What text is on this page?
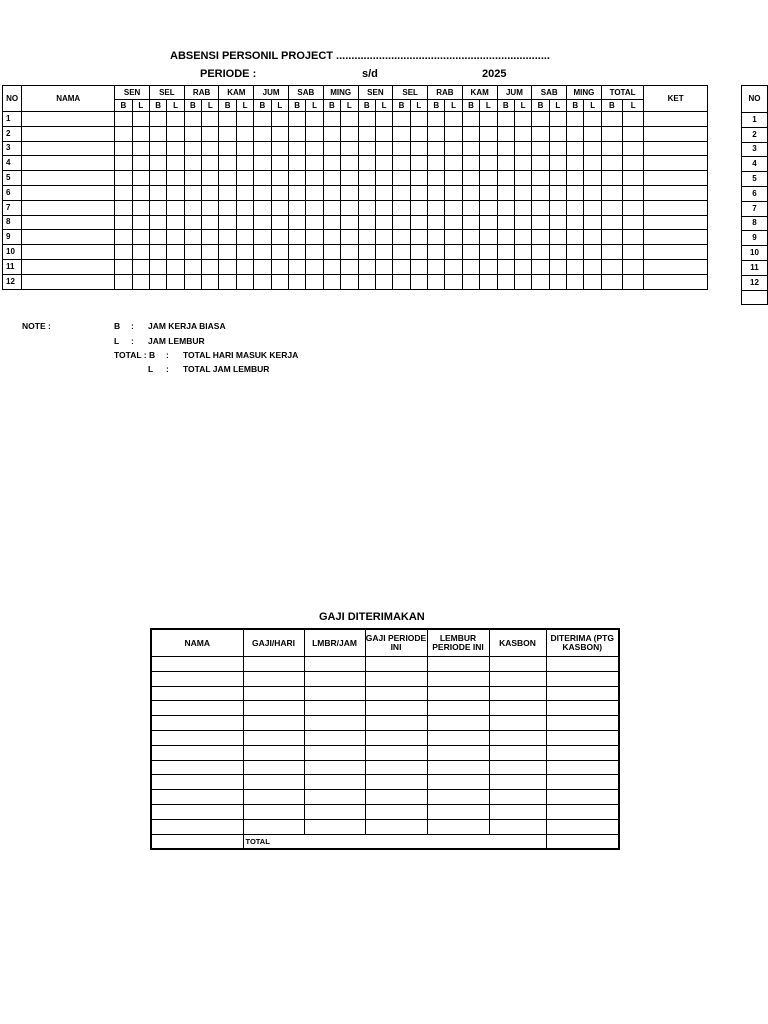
ABSENSI PERSONIL PROJECT ......................................................................
PERIODE :	s/d	2025
NO	NAMA	SEN		SEL		RAB		KAM		JUM		SAB		MING		SEN		SEL		RAB		KAM		JUM		SAB		MING		TOTAL		KET
		B	L	B	L	B	L	B	L	B	L	B	L	B	L	B	L	B	L	B	L	B	L	B	L	B	L	B	L	B	L	
1																																
2																																
3																																
4																																
5																																
6																																
7																																
8																																
9																																
10																																
11																																
12																																
NO
1
2
3
4
5
6
7
8
9
10
11
12

NOTE :	B : JAM KERJA BIASA
L : JAM LEMBUR
TOTAL : B : TOTAL HARI MASUK KERJA
L : TOTAL JAM LEMBUR
GAJI DITERIMAKAN
NAMA	GAJI/HARI	LMBR/JAM	GAJI PERIODE INI	LEMBUR PERIODE INI	KASBON	DITERIMA (PTG KASBON)

	TOTAL					
